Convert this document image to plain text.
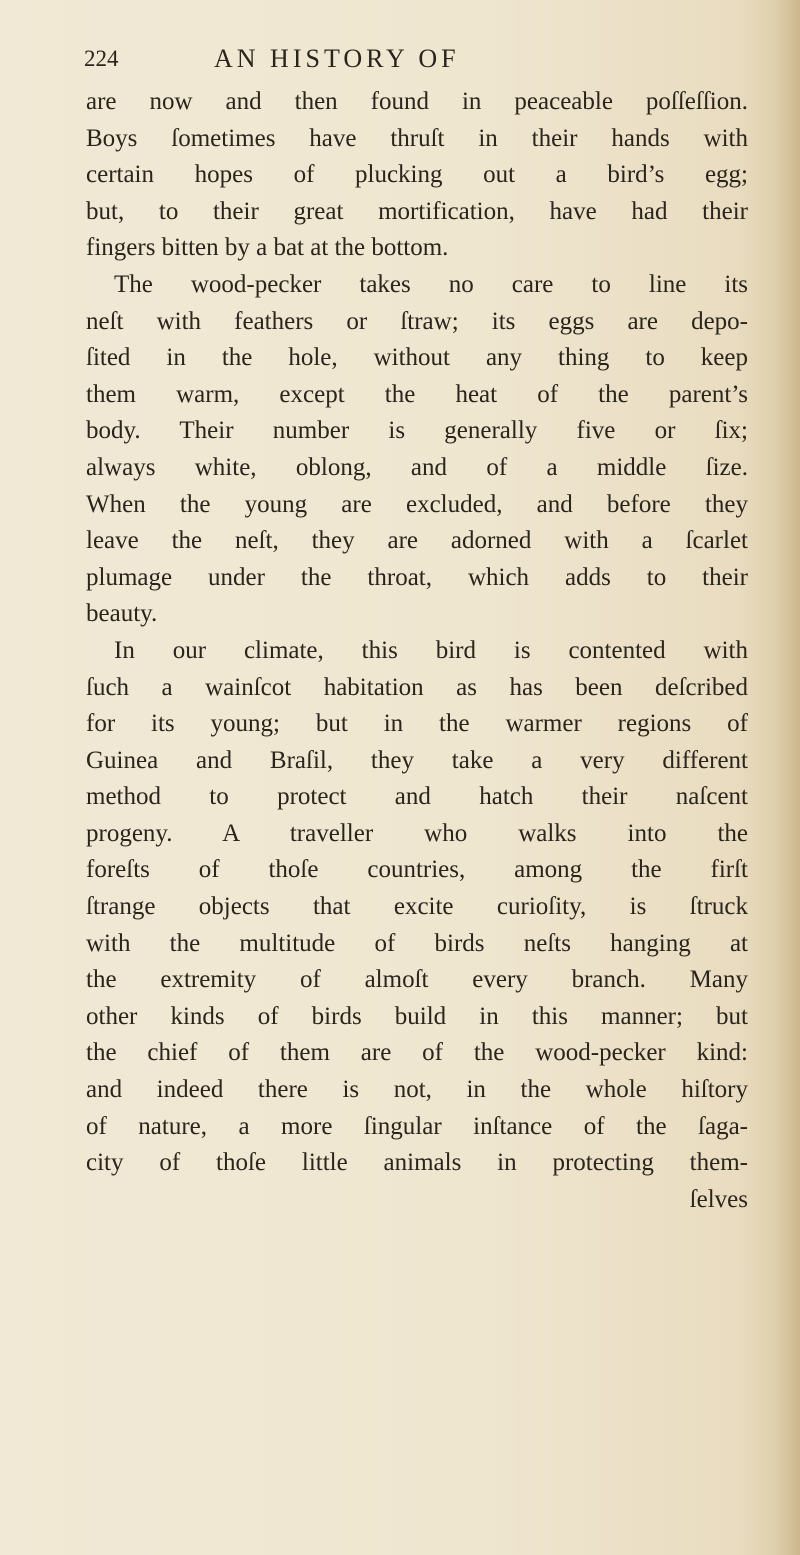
224	AN HISTORY OF
are now and then found in peaceable poſſeſſion.
Boys ſometimes have thruſt in their hands with
certain hopes of plucking out a bird’s egg;
but, to their great mortification, have had their
fingers bitten by a bat at the bottom.
The wood-pecker takes no care to line its
neſt with feathers or ſtraw; its eggs are depo-
ſited in the hole, without any thing to keep
them warm, except the heat of the parent’s
body. Their number is generally five or ſix;
always white, oblong, and of a middle ſize.
When the young are excluded, and before they
leave the neſt, they are adorned with a ſcarlet
plumage under the throat, which adds to their
beauty.
In our climate, this bird is contented with
ſuch a wainſcot habitation as has been deſcribed
for its young; but in the warmer regions of
Guinea and Braſil, they take a very different
method to protect and hatch their naſcent
progeny. A traveller who walks into the
foreſts of thoſe countries, among the firſt
ſtrange objects that excite curioſity, is ſtruck
with the multitude of birds neſts hanging at
the extremity of almoſt every branch. Many
other kinds of birds build in this manner; but
the chief of them are of the wood-pecker kind:
and indeed there is not, in the whole hiſtory
of nature, a more ſingular inſtance of the ſaga-
city of thoſe little animals in protecting them-
ſelves
